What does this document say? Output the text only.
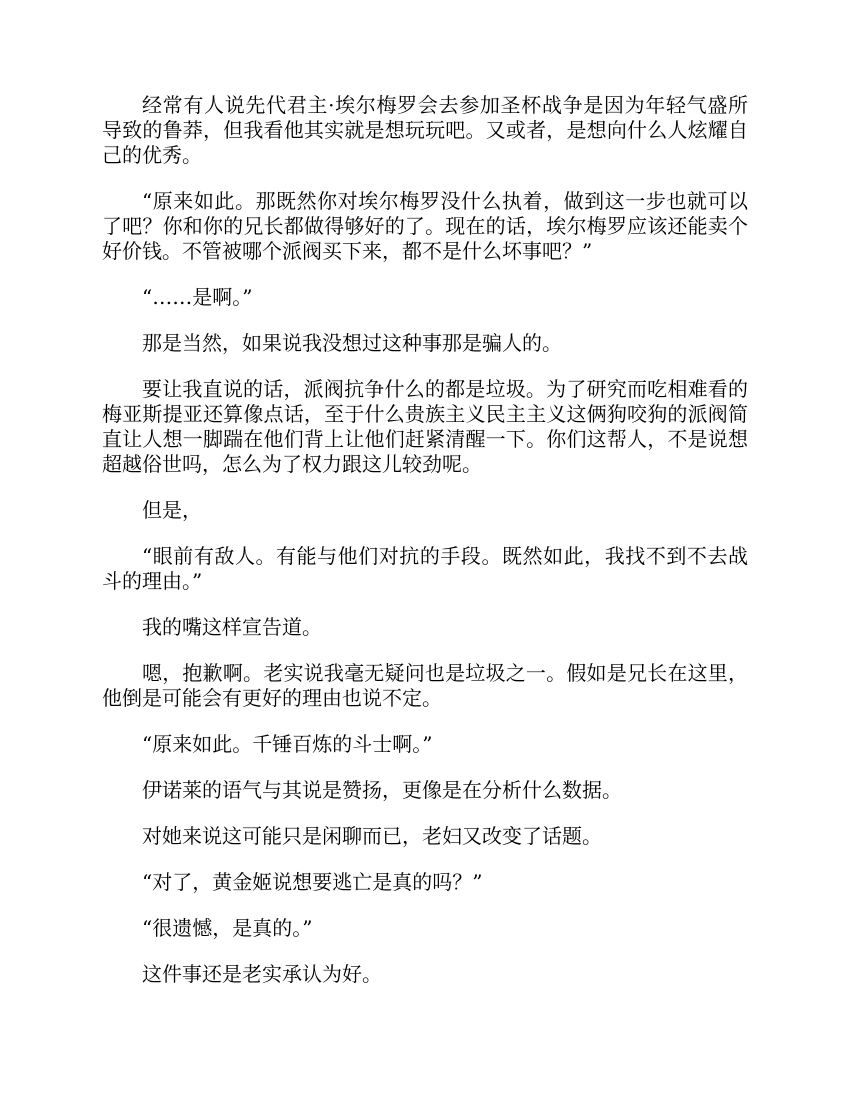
经常有人说先代君主·埃尔梅罗会去参加圣杯战争是因为年轻气盛所导致的鲁莽，但我看他其实就是想玩玩吧。又或者，是想向什么人炫耀自己的优秀。

“原来如此。那既然你对埃尔梅罗没什么执着，做到这一步也就可以了吧？你和你的兄长都做得够好的了。现在的话，埃尔梅罗应该还能卖个好价钱。不管被哪个派阀买下来，都不是什么坏事吧？”

“……是啊。”

那是当然，如果说我没想过这种事那是骗人的。

要让我直说的话，派阀抗争什么的都是垃圾。为了研究而吃相难看的梅亚斯提亚还算像点话，至于什么贵族主义民主主义这俩狗咬狗的派阀简直让人想一脚踹在他们背上让他们赶紧清醒一下。你们这帮人，不是说想超越俗世吗，怎么为了权力跟这儿较劲呢。

但是，

“眼前有敌人。有能与他们对抗的手段。既然如此，我找不到不去战斗的理由。”

我的嘴这样宣告道。

嗯，抱歉啊。老实说我毫无疑问也是垃圾之一。假如是兄长在这里，他倒是可能会有更好的理由也说不定。

“原来如此。千锤百炼的斗士啊。”

伊诺莱的语气与其说是赞扬，更像是在分析什么数据。

对她来说这可能只是闲聊而已，老妇又改变了话题。

“对了，黄金姬说想要逃亡是真的吗？”

“很遗憾，是真的。”

这件事还是老实承认为好。
